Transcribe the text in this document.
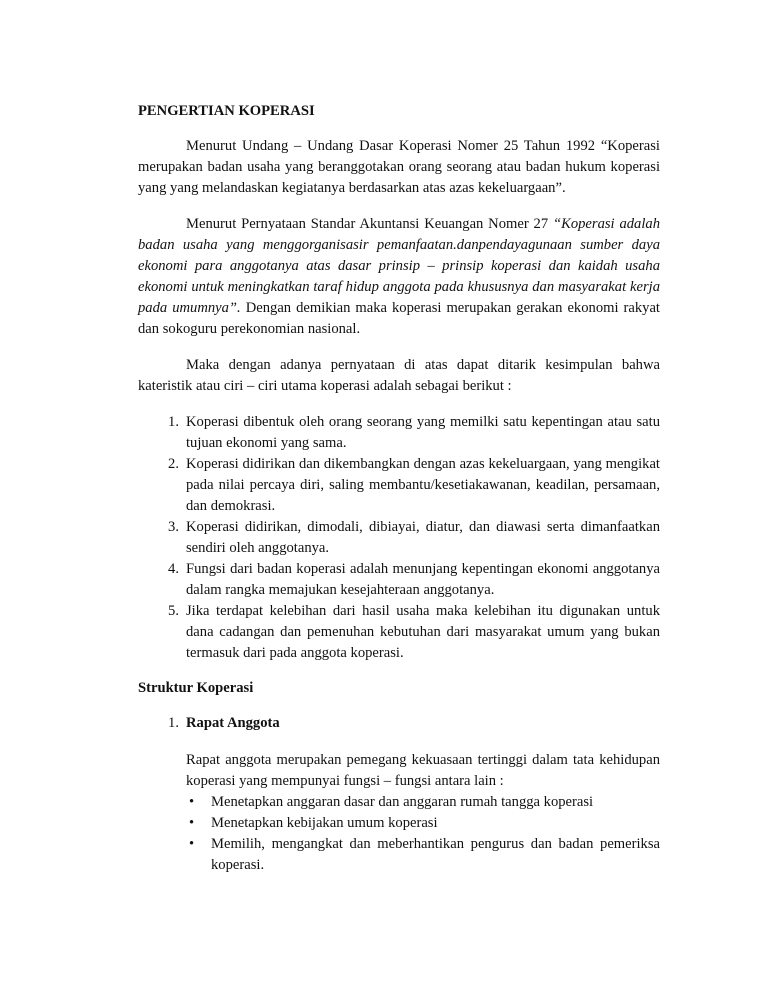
PENGERTIAN KOPERASI

Menurut Undang – Undang Dasar Koperasi Nomer 25 Tahun 1992 “Koperasi merupakan badan usaha yang beranggotakan orang seorang atau badan hukum koperasi yang yang melandaskan kegiatanya berdasarkan atas azas kekeluargaan”.

Menurut Pernyataan Standar Akuntansi Keuangan Nomer 27 “Koperasi adalah badan usaha yang menggorganisasir pemanfaatan.danpendayagunaan sumber daya ekonomi para anggotanya atas dasar prinsip – prinsip koperasi dan kaidah usaha ekonomi untuk meningkatkan taraf hidup anggota pada khususnya dan masyarakat kerja pada umumnya”. Dengan demikian maka koperasi merupakan gerakan ekonomi rakyat dan sokoguru perekonomian nasional.

Maka dengan adanya pernyataan di atas dapat ditarik kesimpulan bahwa kateristik atau ciri – ciri utama koperasi adalah sebagai berikut :

1. Koperasi dibentuk oleh orang seorang yang memilki satu kepentingan atau satu tujuan ekonomi yang sama.
2. Koperasi didirikan dan dikembangkan dengan azas kekeluargaan, yang mengikat pada nilai percaya diri, saling membantu/kesetiakawanan, keadilan, persamaan, dan demokrasi.
3. Koperasi didirikan, dimodali, dibiayai, diatur, dan diawasi serta dimanfaatkan sendiri oleh anggotanya.
4. Fungsi dari badan koperasi adalah menunjang kepentingan ekonomi anggotanya dalam rangka memajukan kesejahteraan anggotanya.
5. Jika terdapat kelebihan dari hasil usaha maka kelebihan itu digunakan untuk dana cadangan dan pemenuhan kebutuhan dari masyarakat umum yang bukan termasuk dari pada anggota koperasi.
Struktur Koperasi
1. Rapat Anggota

Rapat anggota merupakan pemegang kekuasaan tertinggi dalam tata kehidupan koperasi yang mempunyai fungsi – fungsi antara lain :

•	Menetapkan anggaran dasar dan anggaran rumah tangga koperasi
•	Menetapkan kebijakan umum koperasi
•	Memilih, mengangkat dan meberhantikan pengurus dan badan pemeriksa koperasi.
